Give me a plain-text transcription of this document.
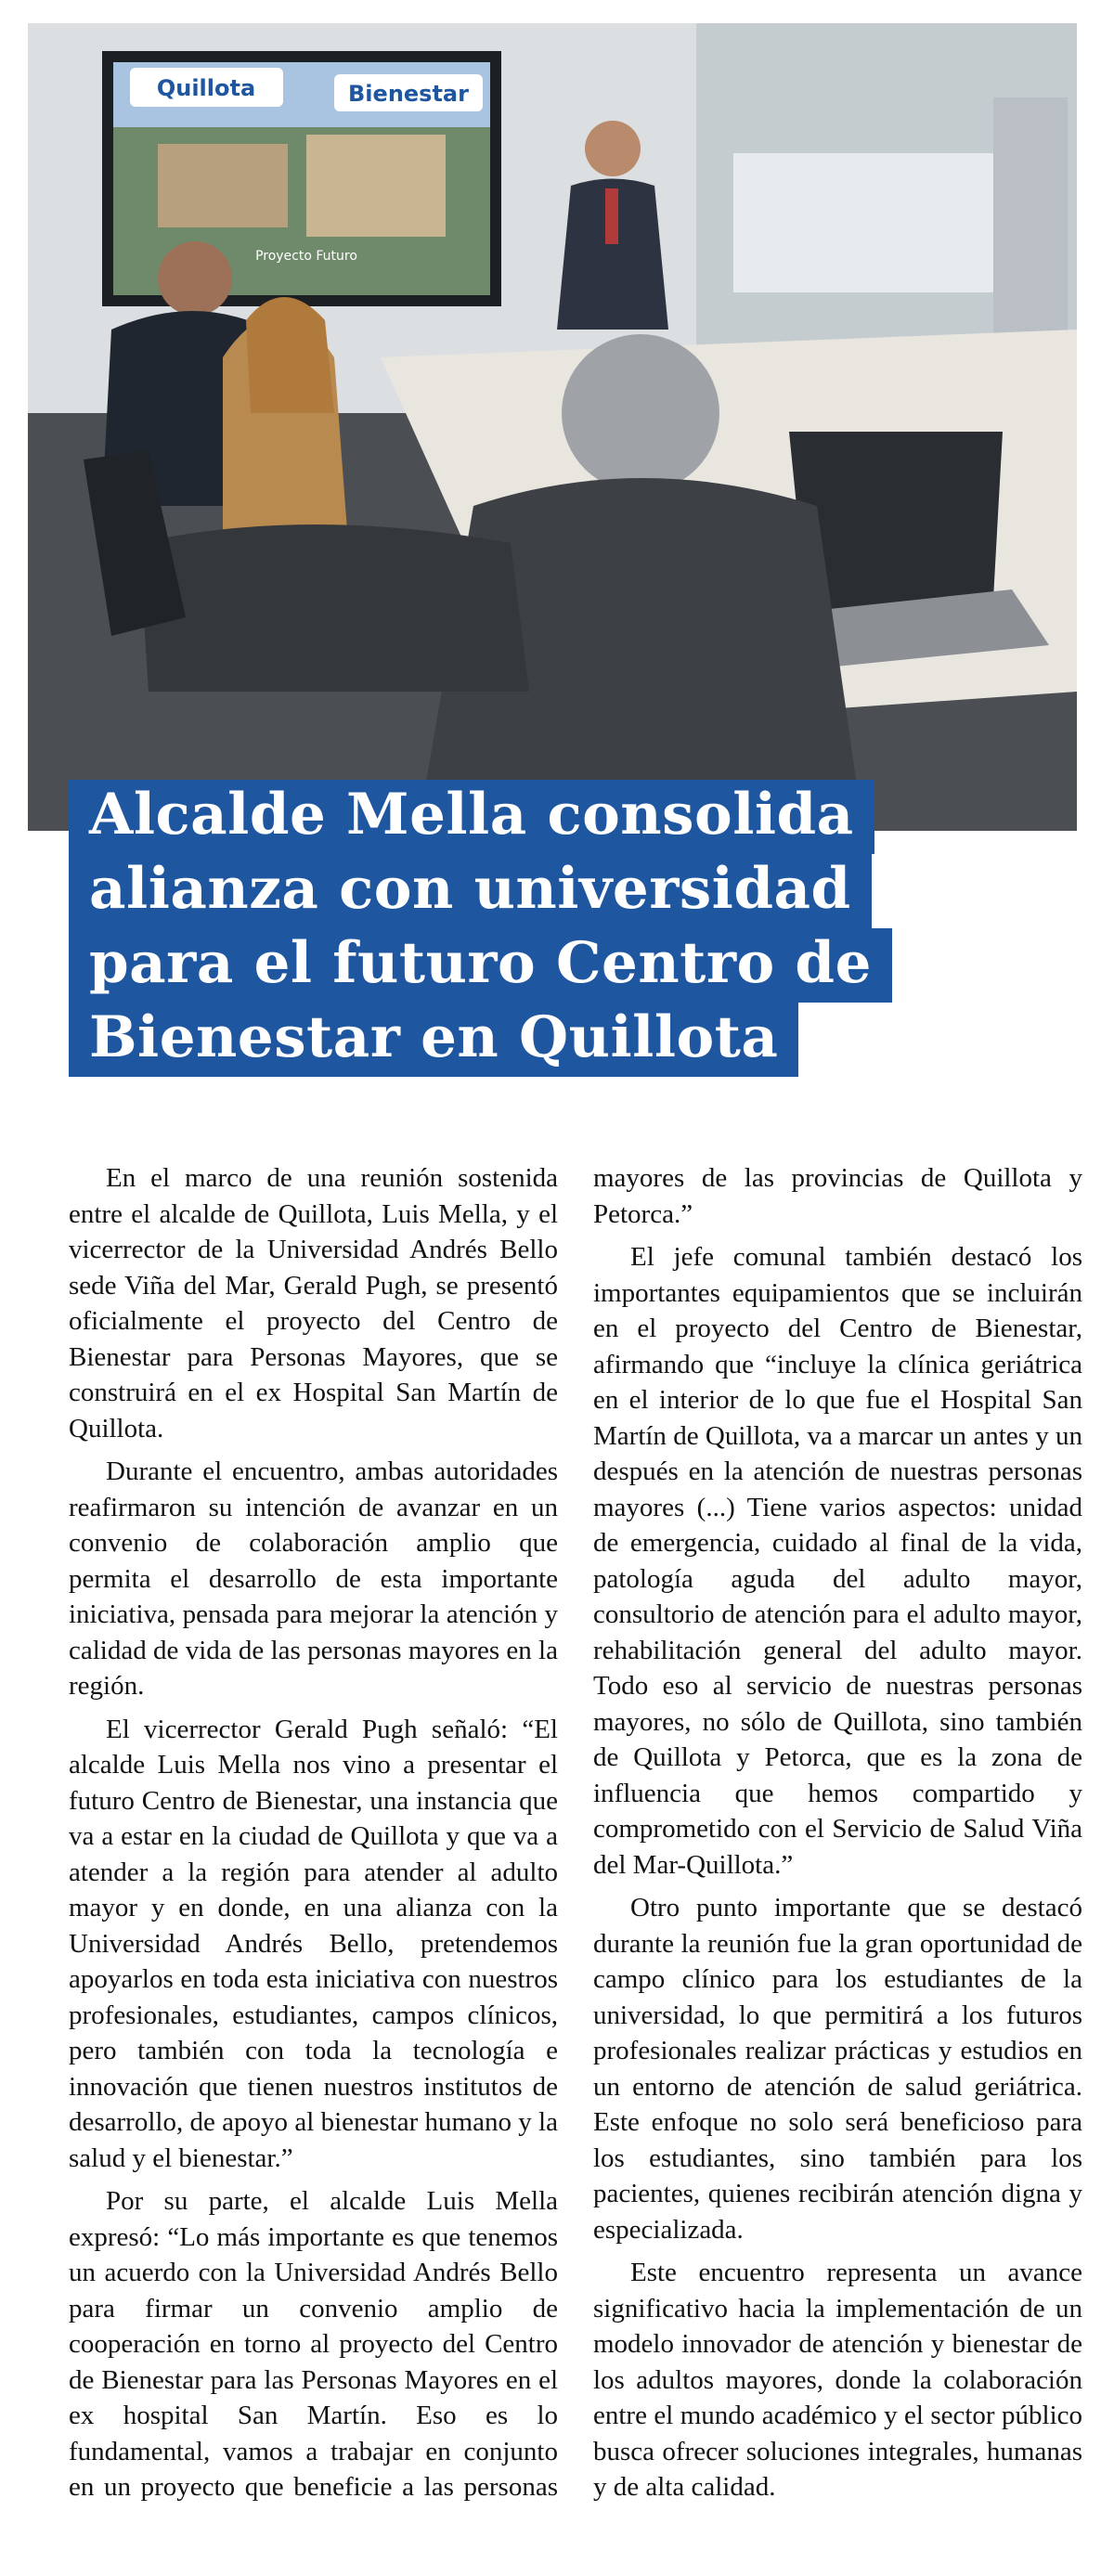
Quillota	Bienestar
Proyecto Futuro
Alcalde Mella consolida
alianza con universidad
para el futuro Centro de
Bienestar en Quillota

En el marco de una reunión sostenida entre el alcalde de Quillota, Luis Mella, y el vicerrector de la Universidad Andrés Bello sede Viña del Mar, Gerald Pugh, se presentó oficialmente el proyecto del Centro de Bienestar para Personas Mayores, que se construirá en el ex Hospital San Martín de Quillota.

Durante el encuentro, ambas autoridades reafirmaron su intención de avanzar en un convenio de colaboración amplio que permita el desarrollo de esta importante iniciativa, pensada para mejorar la atención y calidad de vida de las personas mayores en la región.

El vicerrector Gerald Pugh señaló: “El alcalde Luis Mella nos vino a presentar el futuro Centro de Bienestar, una instancia que va a estar en la ciudad de Quillota y que va a atender a la región para atender al adulto mayor y en donde, en una alianza con la Universidad Andrés Bello, pretendemos apoyarlos en toda esta iniciativa con nuestros profesionales, estudiantes, campos clínicos, pero también con toda la tecnología e innovación que tienen nuestros institutos de desarrollo, de apoyo al bienestar humano y la salud y el bienestar.”

Por su parte, el alcalde Luis Mella expresó: “Lo más importante es que tenemos un acuerdo con la Universidad Andrés Bello para firmar un convenio amplio de cooperación en torno al proyecto del Centro de Bienestar para las Personas Mayores en el ex hospital San Martín. Eso es lo fundamental, vamos a trabajar en conjunto en un proyecto que beneficie a las personas mayores de las provincias de Quillota y Petorca.”

El jefe comunal también destacó los importantes equipamientos que se incluirán en el proyecto del Centro de Bienestar, afirmando que “incluye la clínica geriátrica en el interior de lo que fue el Hospital San Martín de Quillota, va a marcar un antes y un después en la atención de nuestras personas mayores (...) Tiene varios aspectos: unidad de emergencia, cuidado al final de la vida, patología aguda del adulto mayor, consultorio de atención para el adulto mayor, rehabilitación general del adulto mayor. Todo eso al servicio de nuestras personas mayores, no sólo de Quillota, sino también de Quillota y Petorca, que es la zona de influencia que hemos compartido y comprometido con el Servicio de Salud Viña del Mar-Quillota.”

Otro punto importante que se destacó durante la reunión fue la gran oportunidad de campo clínico para los estudiantes de la universidad, lo que permitirá a los futuros profesionales realizar prácticas y estudios en un entorno de atención de salud geriátrica. Este enfoque no solo será beneficioso para los estudiantes, sino también para los pacientes, quienes recibirán atención digna y especializada.

Este encuentro representa un avance significativo hacia la implementación de un modelo innovador de atención y bienestar de los adultos mayores, donde la colaboración entre el mundo académico y el sector público busca ofrecer soluciones integrales, humanas y de alta calidad.
